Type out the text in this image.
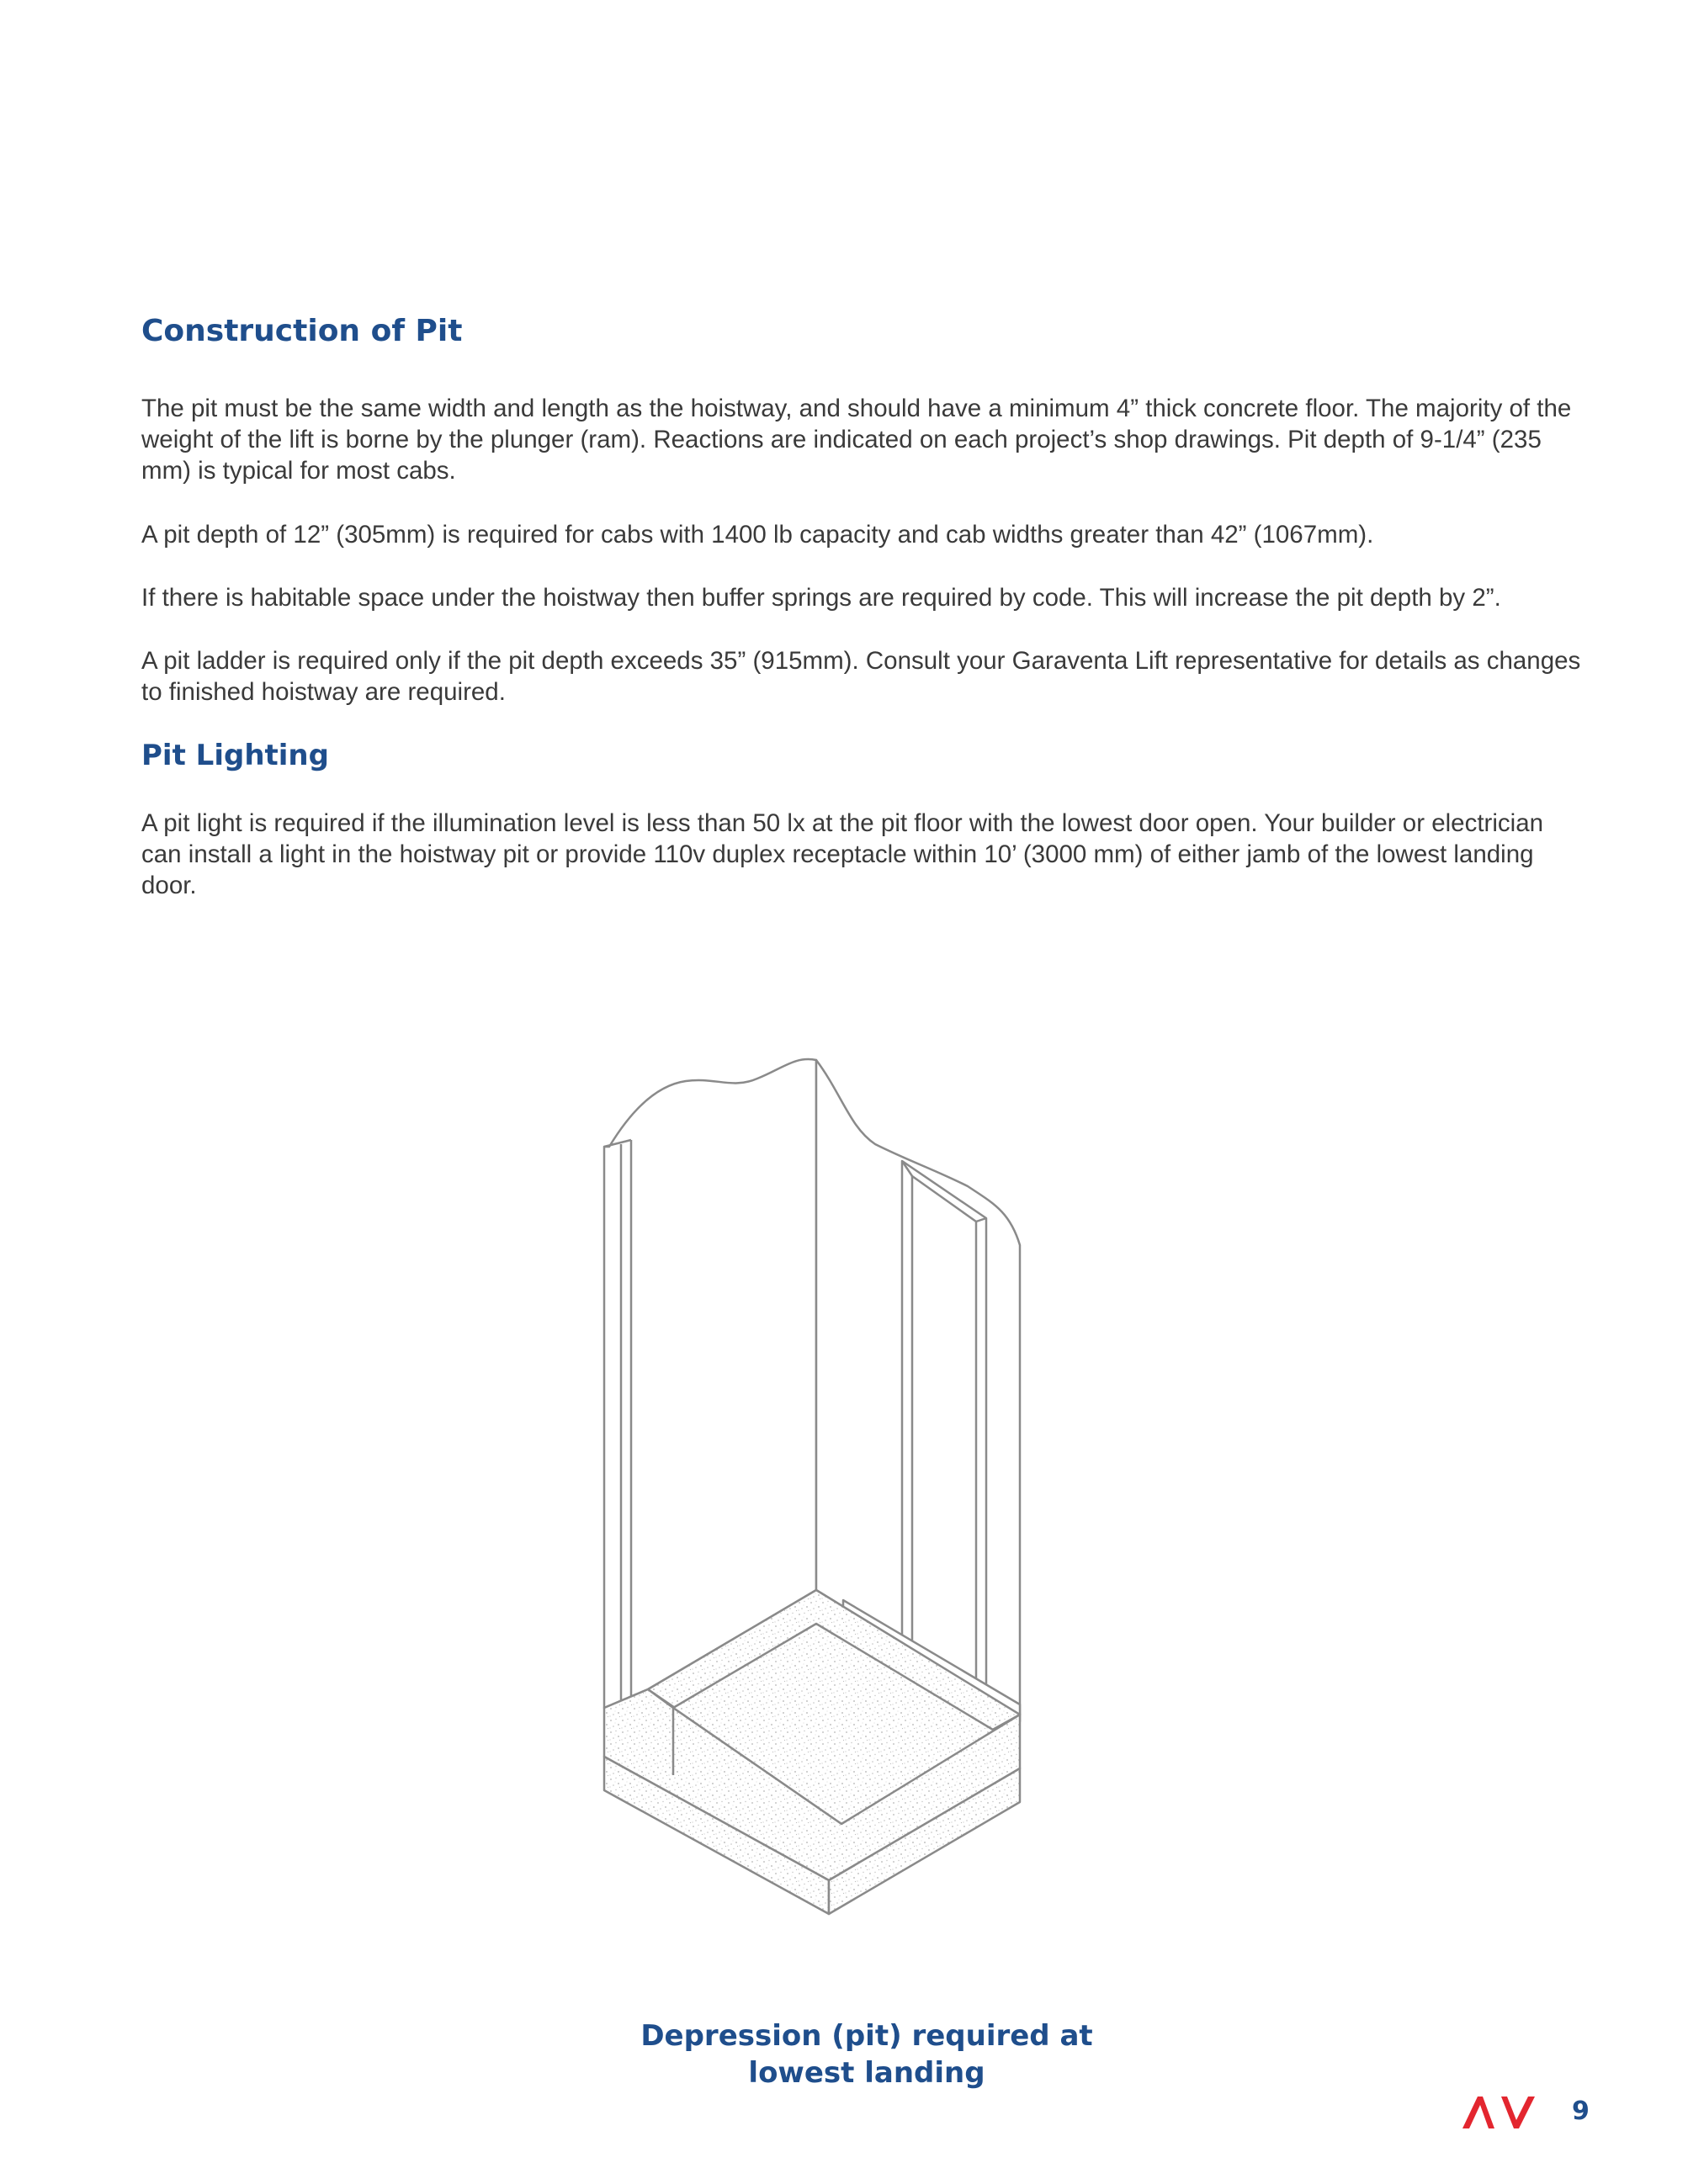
Construction of Pit

The pit must be the same width and length as the hoistway, and should have a minimum 4” thick concrete floor. The majority of the weight of the lift is borne by the plunger (ram). Reactions are indicated on each project’s shop drawings. Pit depth of 9-1/4” (235 mm) is typical for most cabs.

A pit depth of 12” (305mm) is required for cabs with 1400 lb capacity and cab widths greater than 42” (1067mm).

If there is habitable space under the hoistway then buffer springs are required by code. This will increase the pit depth by 2”.

A pit ladder is required only if the pit depth exceeds 35” (915mm). Consult your Garaventa Lift representative for details as changes to finished hoistway are required.

Pit Lighting

A pit light is required if the illumination level is less than 50 lx at the pit floor with the lowest door open. Your builder or electrician can install a light in the hoistway pit or provide 110v duplex receptacle within 10’ (3000 mm) of either jamb of the lowest landing door.

Depression (pit) required at
lowest landing
9
